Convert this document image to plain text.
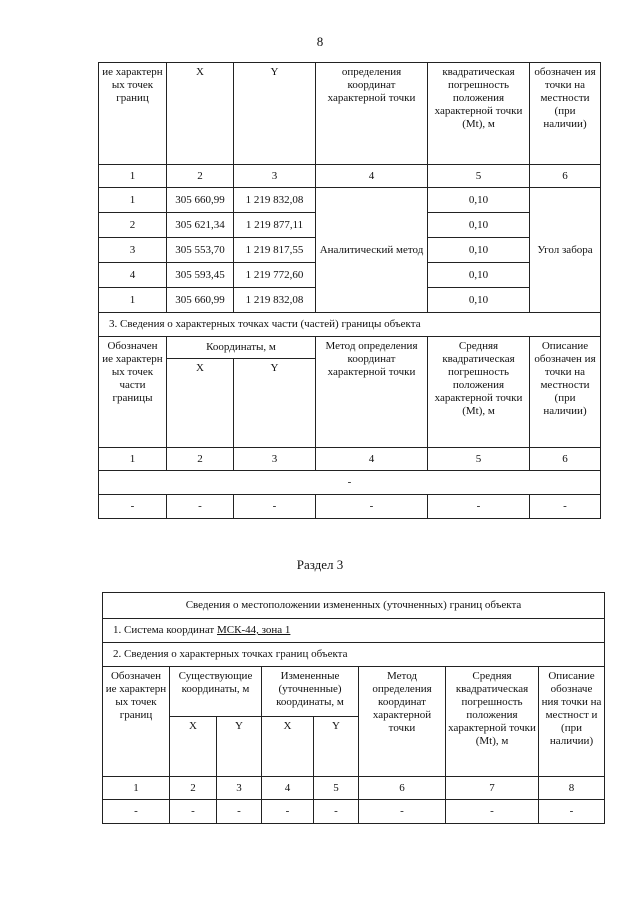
8
ие характерн ых точек границ	X	Y	определения координат характерной точки	квадратическая погрешность положения характерной точки (Mt), м	обозначен ия точки на местности (при наличии)
1	2	3	4	5	6
1	305 660,99	1 219 832,08	Аналитический метод	0,10	Угол забора
2	305 621,34	1 219 877,11		0,10	
3	305 553,70	1 219 817,55		0,10	
4	305 593,45	1 219 772,60		0,10	
1	305 660,99	1 219 832,08		0,10	
3. Сведения о характерных точках части (частей) границы объекта					
Обозначен ие характерн ых точек части границы	Координаты, м		Метод определения координат характерной точки	Средняя квадратическая погрешность положения характерной точки (Mt), м	Описание обозначен ия точки на местности (при наличии)
	X	Y			
1	2	3	4	5	6
-					
-	-	-	-	-	-
Раздел 3
Сведения о местоположении измененных (уточненных) границ объекта							
1. Система координат МСК-44, зона 1							
2. Сведения о характерных точках границ объекта							
Обозначен ие характерн ых точек границ	Существующие координаты, м		Измененные (уточненные) координаты, м		Метод определения координат характерной точки	Средняя квадратическая погрешность положения характерной точки (Mt), м	Описание обозначе ния точки на местност и (при наличии)
	X	Y	X	Y			
1	2	3	4	5	6	7	8
-	-	-	-	-	-	-	-
